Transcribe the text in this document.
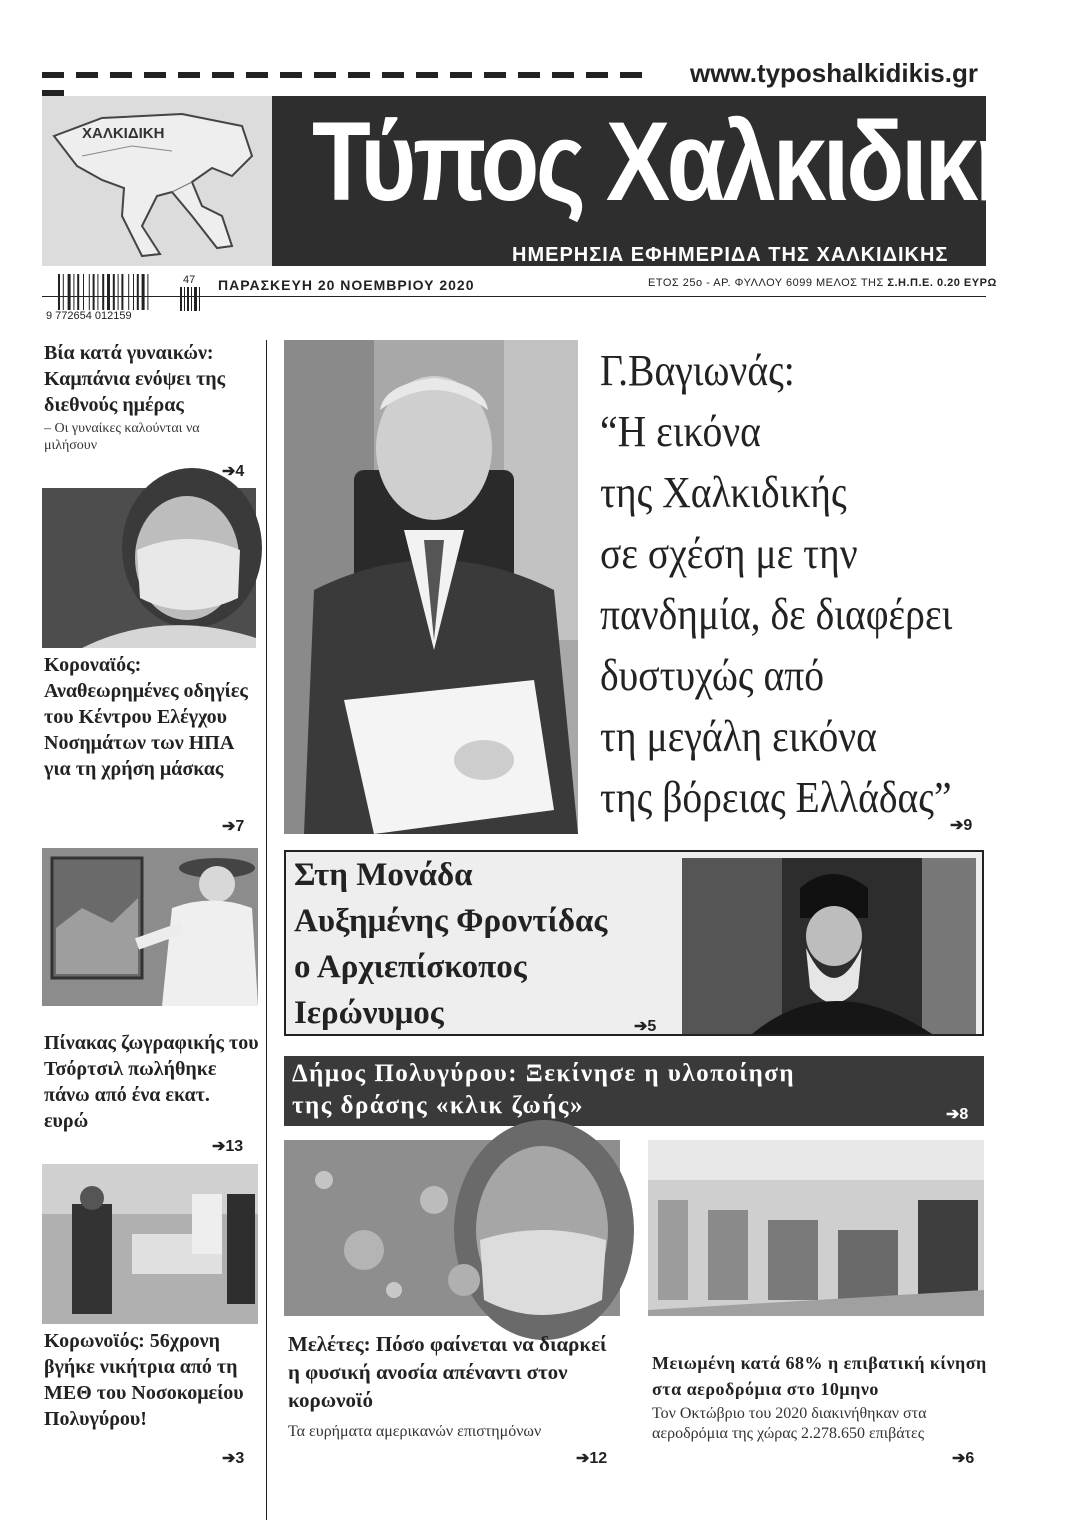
www.typoshalkidikis.gr
ΧΑΛΚΙΔΙΚΗ Τύπος Χαλκιδικής
ΗΜΕΡΗΣΙΑ ΕΦΗΜΕΡΙΔΑ ΤΗΣ ΧΑΛΚΙΔΙΚΗΣ
9 772654 012159
47 ΠΑΡΑΣΚΕΥΗ 20 ΝΟΕΜΒΡΙΟΥ 2020	ΕΤΟΣ 25ο - ΑΡ. ΦΥΛΛΟΥ 6099 ΜΕΛΟΣ ΤΗΣ Σ.Η.Π.Ε. 0.20 ΕΥΡΩ
Βία κατά γυναικών: Καμπάνια ενόψει της διεθνούς ημέρας
– Οι γυναίκες καλούνται να μιλήσουν
➔4
Κοροναϊός: Αναθεωρημένες οδηγίες του Κέντρου Ελέγχου Νοσημάτων των ΗΠΑ για τη χρήση μάσκας
➔7
Πίνακας ζωγραφικής του Τσόρτσιλ πωλήθηκε πάνω από ένα εκατ. ευρώ
➔13
Κορωνοϊός: 56χρονη βγήκε νικήτρια από τη ΜΕΘ του Νοσοκομείου Πολυγύρου!
➔3
Γ.Βαγιωνάς:
“Η εικόνα
της Χαλκιδικής
σε σχέση με την
πανδημία, δε διαφέρει
δυστυχώς από
τη μεγάλη εικόνα
της βόρειας Ελλάδας”
➔9
Στη Μονάδα
Αυξημένης Φροντίδας
ο Αρχιεπίσκοπος
Ιερώνυμος	➔5
Δήμος Πολυγύρου: Ξεκίνησε η υλοποίηση
της δράσης «κλικ ζωής»	➔8
Μελέτες: Πόσο φαίνεται να διαρκεί η φυσική ανοσία απέναντι στον κορωνοϊό
Τα ευρήματα αμερικανών επιστημόνων
➔12
Μειωμένη κατά 68% η επιβατική κίνηση στα αεροδρόμια στο 10μηνο
Τον Οκτώβριο του 2020 διακινήθηκαν στα αεροδρόμια της χώρας 2.278.650 επιβάτες
➔6
